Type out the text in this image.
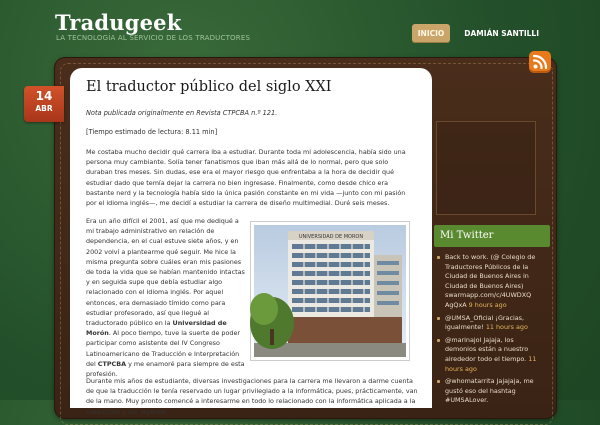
Tradugeek
LA TECNOLOGÍA AL SERVICIO DE LOS TRADUCTORES	INICIO	DAMIÁN SANTILLI
14
ABR
El traductor público del siglo XXI
Nota publicada originalmente en Revista CTPCBA n.º 121.
[Tiempo estimado de lectura: 8.11 min]

Me costaba mucho decidir qué carrera iba a estudiar. Durante toda mi adolescencia, había sido una persona muy cambiante. Solía tener fanatismos que iban más allá de lo normal, pero que solo duraban tres meses. Sin dudas, ese era el mayor riesgo que enfrentaba a la hora de decidir qué estudiar dado que temía dejar la carrera no bien ingresase. Finalmente, como desde chico era bastante nerd y la tecnología había sido la única pasión constante en mi vida —junto con mi pasión por el idioma inglés—, me decidí a estudiar la carrera de diseño multimedial. Duré seis meses.

Era un año difícil el 2001, así que me dediqué a mi trabajo administrativo en relación de dependencia, en el cual estuve siete años, y en 2002 volví a plantearme qué seguir. Me hice la misma pregunta sobre cuáles eran mis pasiones de toda la vida que se habían mantenido intactas y en seguida supe que debía estudiar algo relacionado con el idioma inglés. Por aquel entonces, era demasiado tímido como para estudiar profesorado, así que llegué al traductorado público en la Universidad de Morón. Al poco tiempo, tuve la suerte de poder participar como asistente del IV Congreso Latinoamericano de Traducción e Interpretación del CTPCBA y me enamoré para siempre de esta profesión.

UNIVERSIDAD DE MORON

Durante mis años de estudiante, diversas investigaciones para la carrera me llevaron a darme cuenta de que la traducción le tenía reservado un lugar privilegiado a la informática, pues, prácticamente, van de la mano. Muy pronto comencé a interesarme en todo lo relacionado con la informática aplicada a la traducción y así, leyendo

Mi Twitter
Back to work. (@ Colegio de Traductores Públicos de la Ciudad de Buenos Aires in Ciudad de Buenos Aires) swarmapp.com/c/4UWDXQ AgQxA 9 hours ago
@UMSA_Oficial ¡Gracias, igualmente! 11 hours ago
@marinajol Jajaja, los demonios están a nuestro alrededor todo el tiempo. 11 hours ago
@whomatarrita Jajajaja, me gustó eso del hashtag #UMSALover.
